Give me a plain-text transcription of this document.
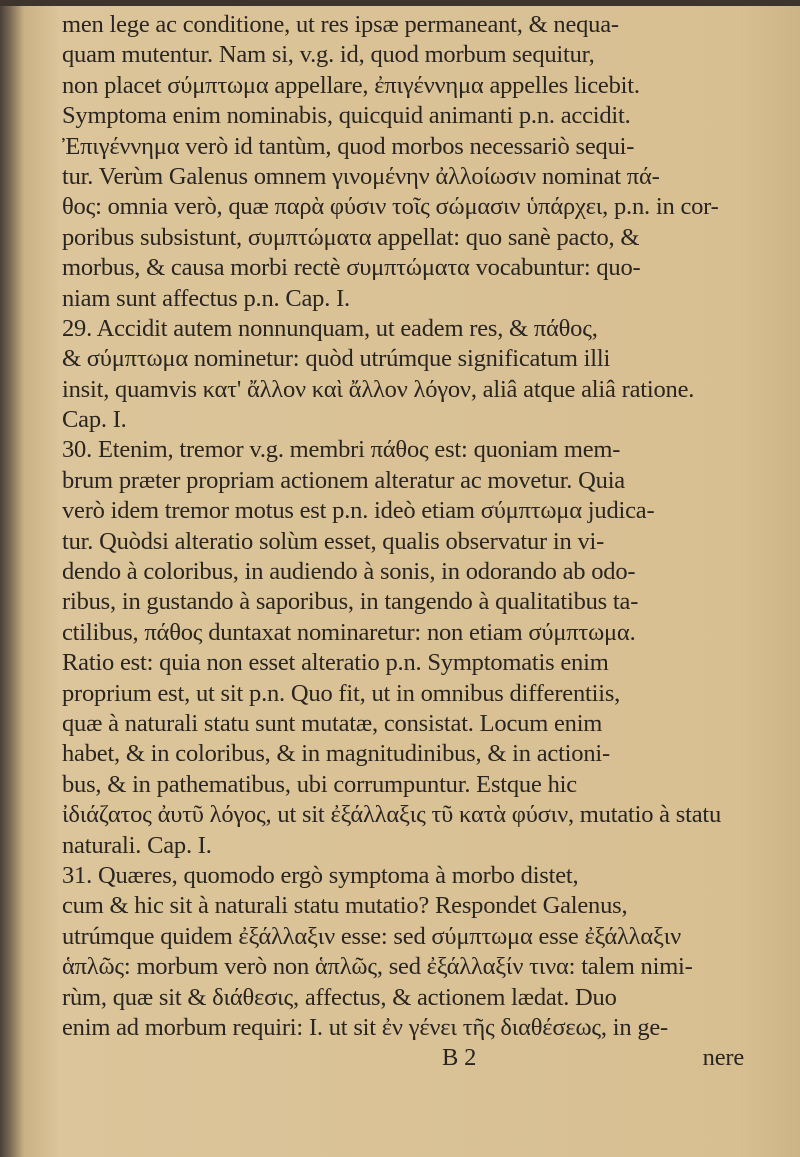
men lege ac conditione, ut res ipsæ permaneant, & nequa-
quam mutentur. Nam si, v.g. id, quod morbum sequitur,
non placet σύμπτωμα appellare, ἐπιγέννημα appelles licebit.
Symptoma enim nominabis, quicquid animanti p.n. accidit.
Ἐπιγέννημα verò id tantùm, quod morbos necessariò sequi-
tur. Verùm Galenus omnem γινομένην ἀλλοίωσιν nominat πά-
θος: omnia verò, quæ παρὰ φύσιν τοῖς σώμασιν ὑπάρχει, p.n. in cor-
poribus subsistunt, συμπτώματα appellat: quo sanè pacto, &
morbus, & causa morbi rectè συμπτώματα vocabuntur: quo-
niam sunt affectus p.n. Cap. I.
29. Accidit autem nonnunquam, ut eadem res, & πάθος,
& σύμπτωμα nominetur: quòd utrúmque significatum illi
insit, quamvis κατ' ἄλλον καὶ ἄλλον λόγον, aliâ atque aliâ ratione.
Cap. I.
30. Etenim, tremor v.g. membri πάθος est: quoniam mem-
brum præter propriam actionem alteratur ac movetur. Quia
verò idem tremor motus est p.n. ideò etiam σύμπτωμα judica-
tur. Quòdsi alteratio solùm esset, qualis observatur in vi-
dendo à coloribus, in audiendo à sonis, in odorando ab odo-
ribus, in gustando à saporibus, in tangendo à qualitatibus ta-
ctilibus, πάθος duntaxat nominaretur: non etiam σύμπτωμα.
Ratio est: quia non esset alteratio p.n. Symptomatis enim
proprium est, ut sit p.n. Quo fit, ut in omnibus differentiis,
quæ à naturali statu sunt mutatæ, consistat. Locum enim
habet, & in coloribus, & in magnitudinibus, & in actioni-
bus, & in pathematibus, ubi corrumpuntur. Estque hic
ἰδιάζατος ἀυτῦ λόγος, ut sit ἐξάλλαξις τῦ κατὰ φύσιν, mutatio à statu
naturali. Cap. I.
31. Quæres, quomodo ergò symptoma à morbo distet,
cum & hic sit à naturali statu mutatio? Respondet Galenus,
utrúmque quidem ἐξάλλαξιν esse: sed σύμπτωμα esse ἐξάλλαξιν
ἁπλῶς: morbum verò non ἁπλῶς, sed ἐξάλλαξίν τινα: talem nimi-
rùm, quæ sit & διάθεσις, affectus, & actionem lædat. Duo
enim ad morbum requiri: I. ut sit ἐν γένει τῆς διαθέσεως, in ge-
B 2	nere
